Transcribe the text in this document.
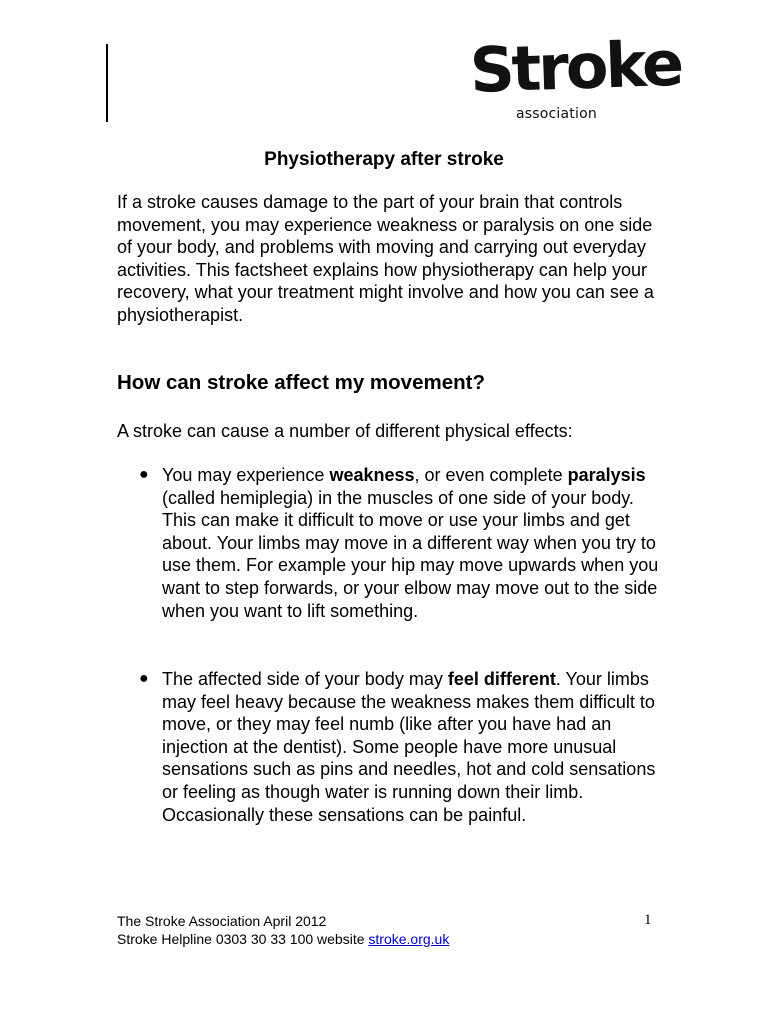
Stroke
association
Physiotherapy after stroke

If a stroke causes damage to the part of your brain that controls movement, you may experience weakness or paralysis on one side of your body, and problems with moving and carrying out everyday activities. This factsheet explains how physiotherapy can help your recovery, what your treatment might involve and how you can see a physiotherapist.

How can stroke affect my movement?

A stroke can cause a number of different physical effects:

● You may experience weakness, or even complete paralysis (called hemiplegia) in the muscles of one side of your body. This can make it difficult to move or use your limbs and get about. Your limbs may move in a different way when you try to use them. For example your hip may move upwards when you want to step forwards, or your elbow may move out to the side when you want to lift something.
● The affected side of your body may feel different. Your limbs may feel heavy because the weakness makes them difficult to move, or they may feel numb (like after you have had an injection at the dentist). Some people have more unusual sensations such as pins and needles, hot and cold sensations or feeling as though water is running down their limb. Occasionally these sensations can be painful.
The Stroke Association April 2012
Stroke Helpline 0303 30 33 100 website stroke.org.uk
1
